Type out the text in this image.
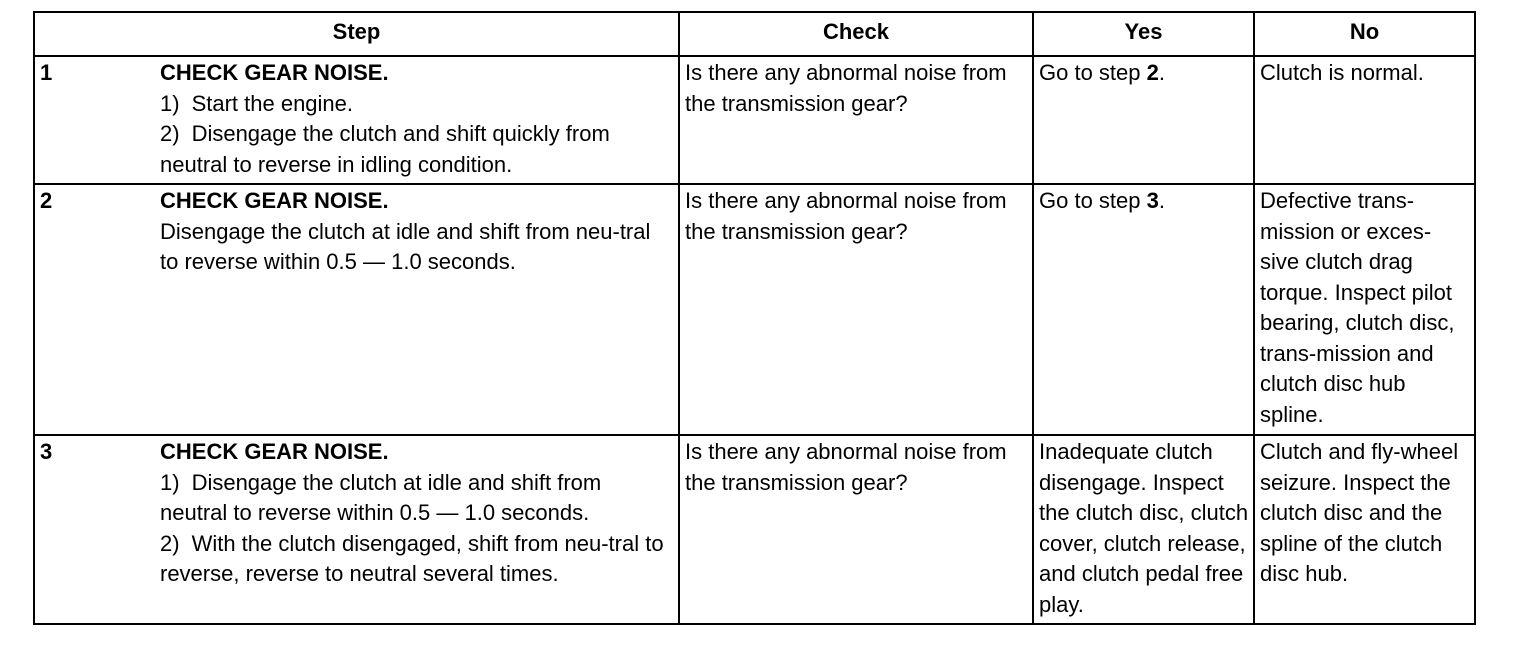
Step	Check	Yes	No

1 CHECK GEAR NOISE.
1) Start the engine.
2) Disengage the clutch and shift quickly from neutral to reverse in idling condition.	Is there any abnormal noise from the transmission gear?	Go to step 2.	Clutch is normal.

2 CHECK GEAR NOISE.
Disengage the clutch at idle and shift from neu-tral to reverse within 0.5 — 1.0 seconds.	Is there any abnormal noise from the transmission gear?	Go to step 3.	Defective trans-mission or exces-sive clutch drag torque. Inspect pilot bearing, clutch disc, trans-mission and clutch disc hub spline.

3 CHECK GEAR NOISE.
1) Disengage the clutch at idle and shift from neutral to reverse within 0.5 — 1.0 seconds.
2) With the clutch disengaged, shift from neu-tral to reverse, reverse to neutral several times.	Is there any abnormal noise from the transmission gear?	Inadequate clutch disengage. Inspect the clutch disc, clutch cover, clutch release, and clutch pedal free play.	Clutch and fly-wheel seizure. Inspect the clutch disc and the spline of the clutch disc hub.
